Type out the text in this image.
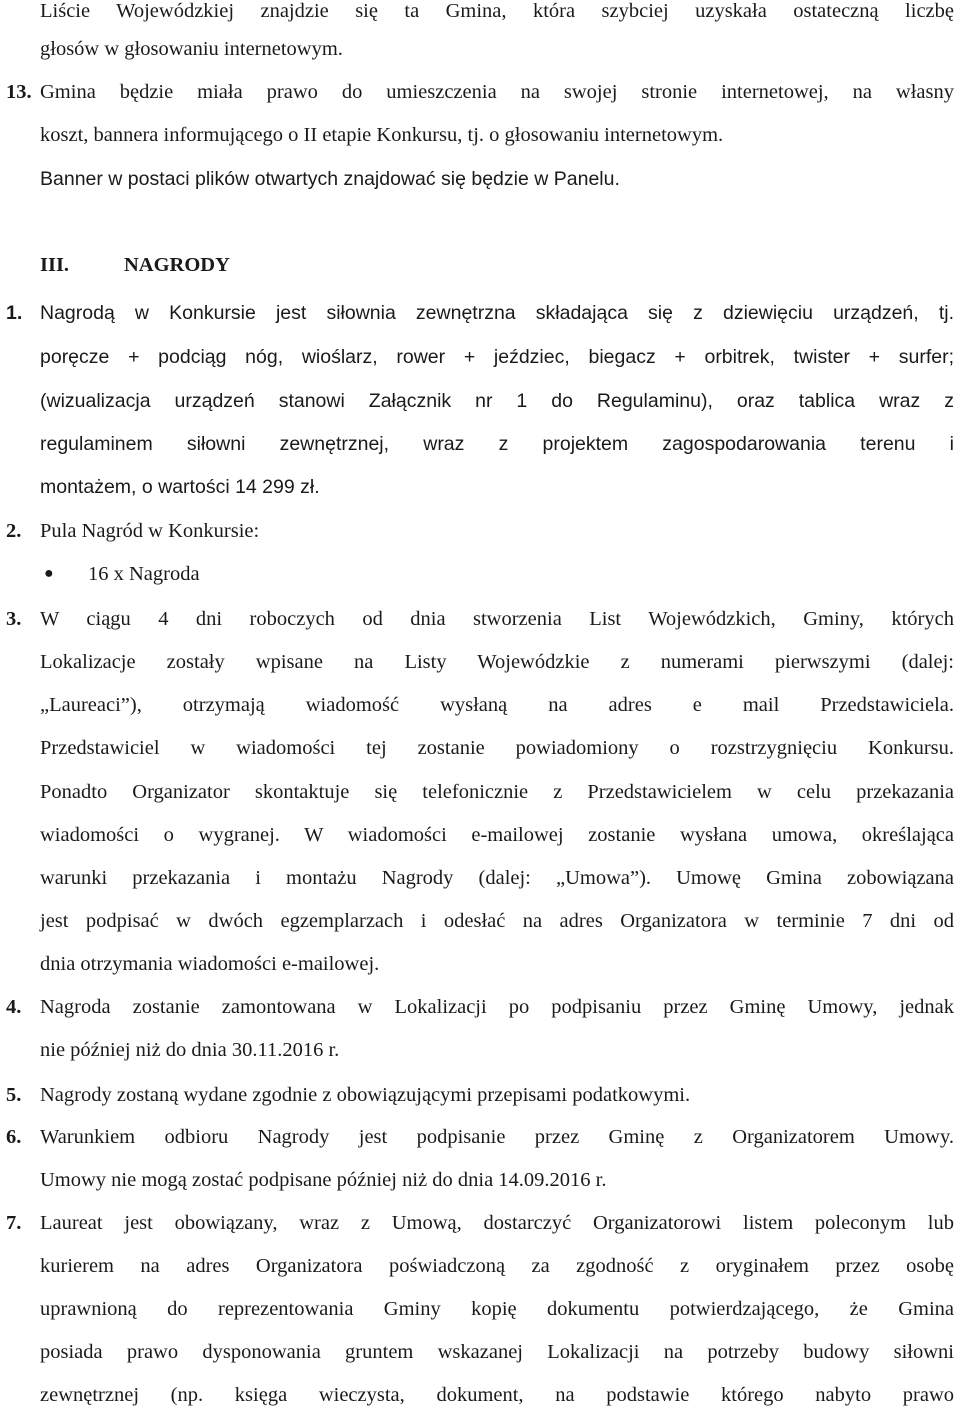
Liście Wojewódzkiej znajdzie się ta Gmina, która szybciej uzyskała ostateczną liczbę
głosów w głosowaniu internetowym.
13. Gmina będzie miała prawo do umieszczenia na swojej stronie internetowej, na własny
koszt, bannera informującego o II etapie Konkursu, tj. o głosowaniu internetowym.
Banner w postaci plików otwartych znajdować się będzie w Panelu.
III.	NAGRODY
1. Nagrodą w Konkursie jest siłownia zewnętrzna składająca się z dziewięciu urządzeń, tj.
poręcze + podciąg nóg, wioślarz, rower + jeździec, biegacz + orbitrek, twister + surfer;
(wizualizacja urządzeń stanowi Załącznik nr 1 do Regulaminu), oraz tablica wraz z
regulaminem siłowni zewnętrznej, wraz z projektem zagospodarowania terenu i
montażem, o wartości 14 299 zł.
2. Pula Nagród w Konkursie:
● 16 x Nagroda
3. W ciągu 4 dni roboczych od dnia stworzenia List Wojewódzkich, Gminy, których
Lokalizacje zostały wpisane na Listy Wojewódzkie z numerami pierwszymi (dalej:
„Laureaci”), otrzymają wiadomość wysłaną na adres e mail Przedstawiciela.
Przedstawiciel w wiadomości tej zostanie powiadomiony o rozstrzygnięciu Konkursu.
Ponadto Organizator skontaktuje się telefonicznie z Przedstawicielem w celu przekazania
wiadomości o wygranej. W wiadomości e-mailowej zostanie wysłana umowa, określająca
warunki przekazania i montażu Nagrody (dalej: „Umowa”). Umowę Gmina zobowiązana
jest podpisać w dwóch egzemplarzach i odesłać na adres Organizatora w terminie 7 dni od
dnia otrzymania wiadomości e-mailowej.
4. Nagroda zostanie zamontowana w Lokalizacji po podpisaniu przez Gminę Umowy, jednak
nie później niż do dnia 30.11.2016 r.
5. Nagrody zostaną wydane zgodnie z obowiązującymi przepisami podatkowymi.
6. Warunkiem odbioru Nagrody jest podpisanie przez Gminę z Organizatorem Umowy.
Umowy nie mogą zostać podpisane później niż do dnia 14.09.2016 r.
7. Laureat jest obowiązany, wraz z Umową, dostarczyć Organizatorowi listem poleconym lub
kurierem na adres Organizatora poświadczoną za zgodność z oryginałem przez osobę
uprawnioną do reprezentowania Gminy kopię dokumentu potwierdzającego, że Gmina
posiada prawo dysponowania gruntem wskazanej Lokalizacji na potrzeby budowy siłowni
zewnętrznej (np. księga wieczysta, dokument, na podstawie którego nabyto prawo
